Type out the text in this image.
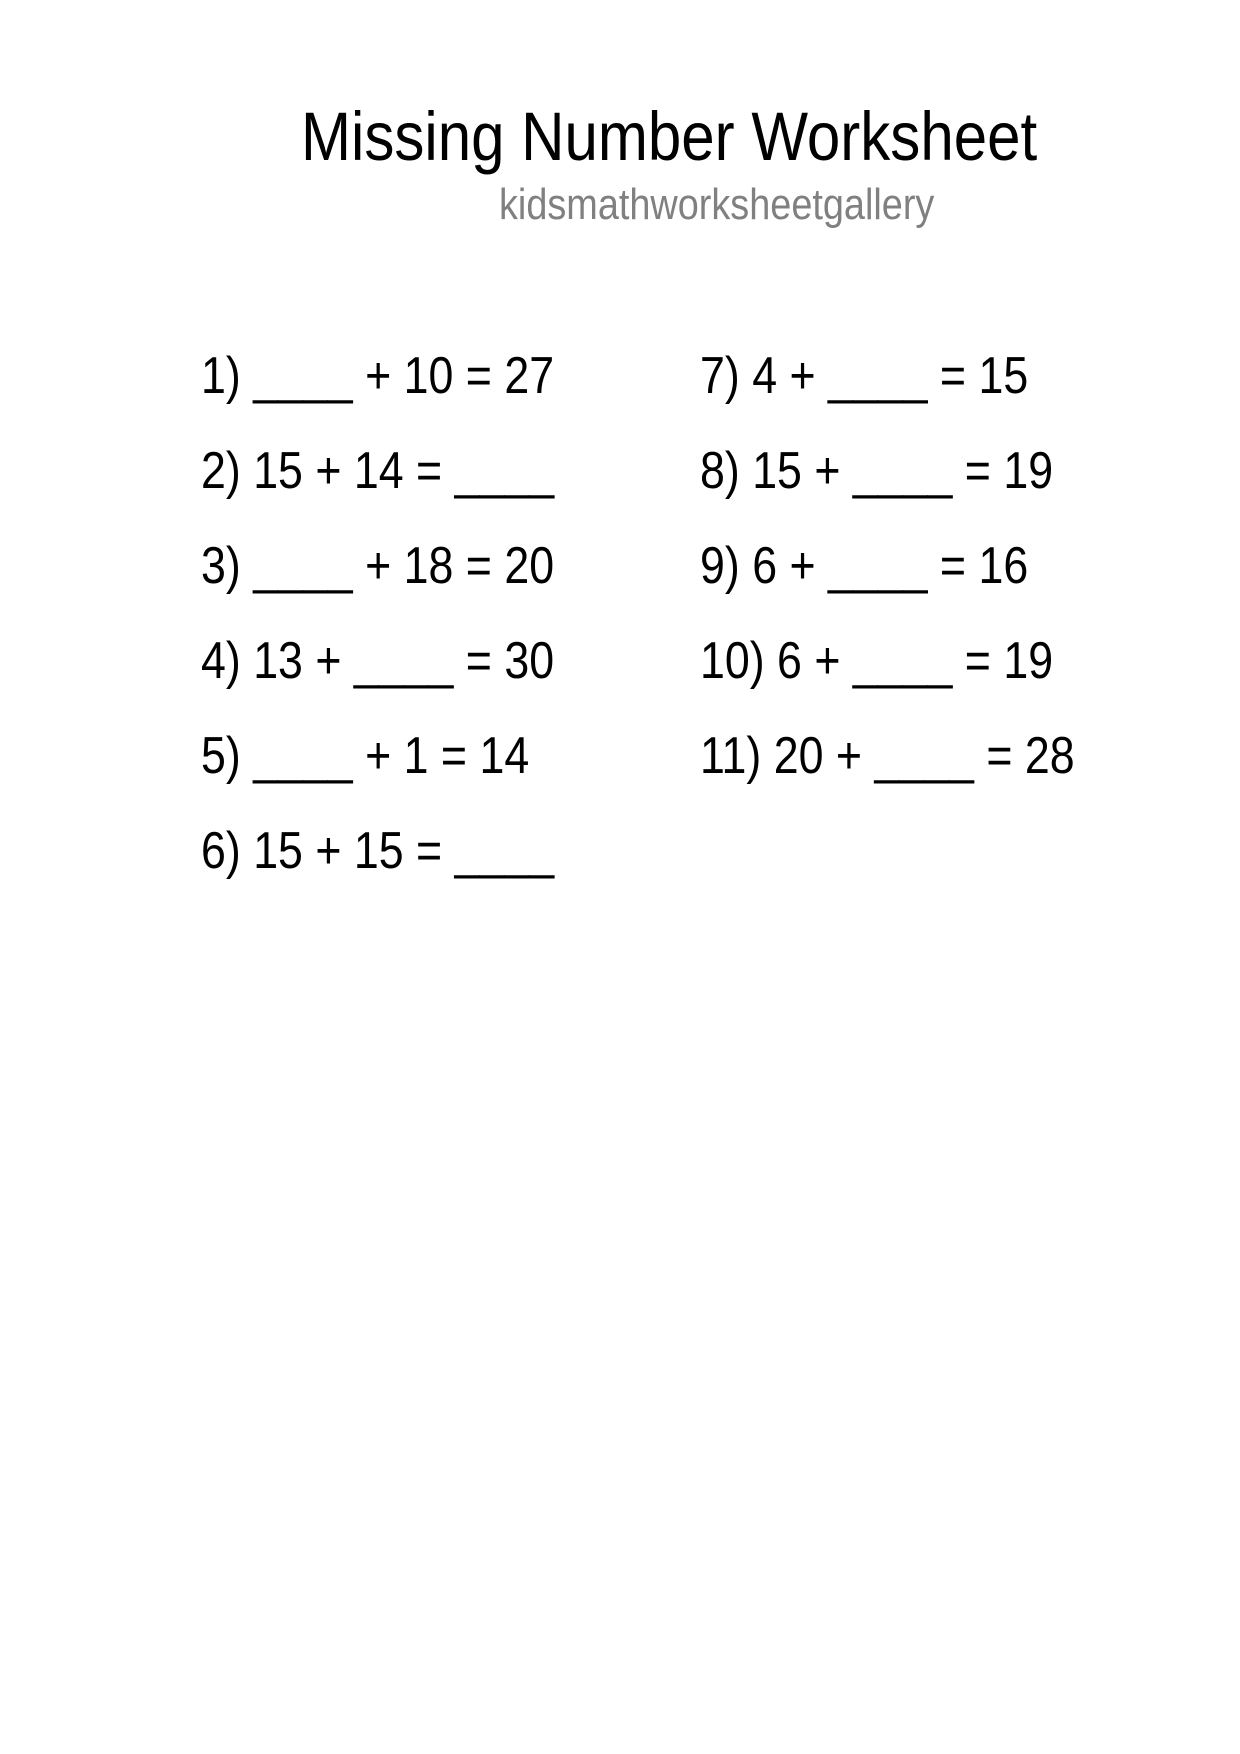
Missing Number Worksheet
kidsmathworksheetgallery
1) ____ + 10 = 27
2) 15 + 14 = ____
3) ____ + 18 = 20
4) 13 + ____ = 30
5) ____ + 1 = 14
6) 15 + 15 = ____
7) 4 + ____ = 15
8) 15 + ____ = 19
9) 6 + ____ = 16
10) 6 + ____ = 19
11) 20 + ____ = 28
